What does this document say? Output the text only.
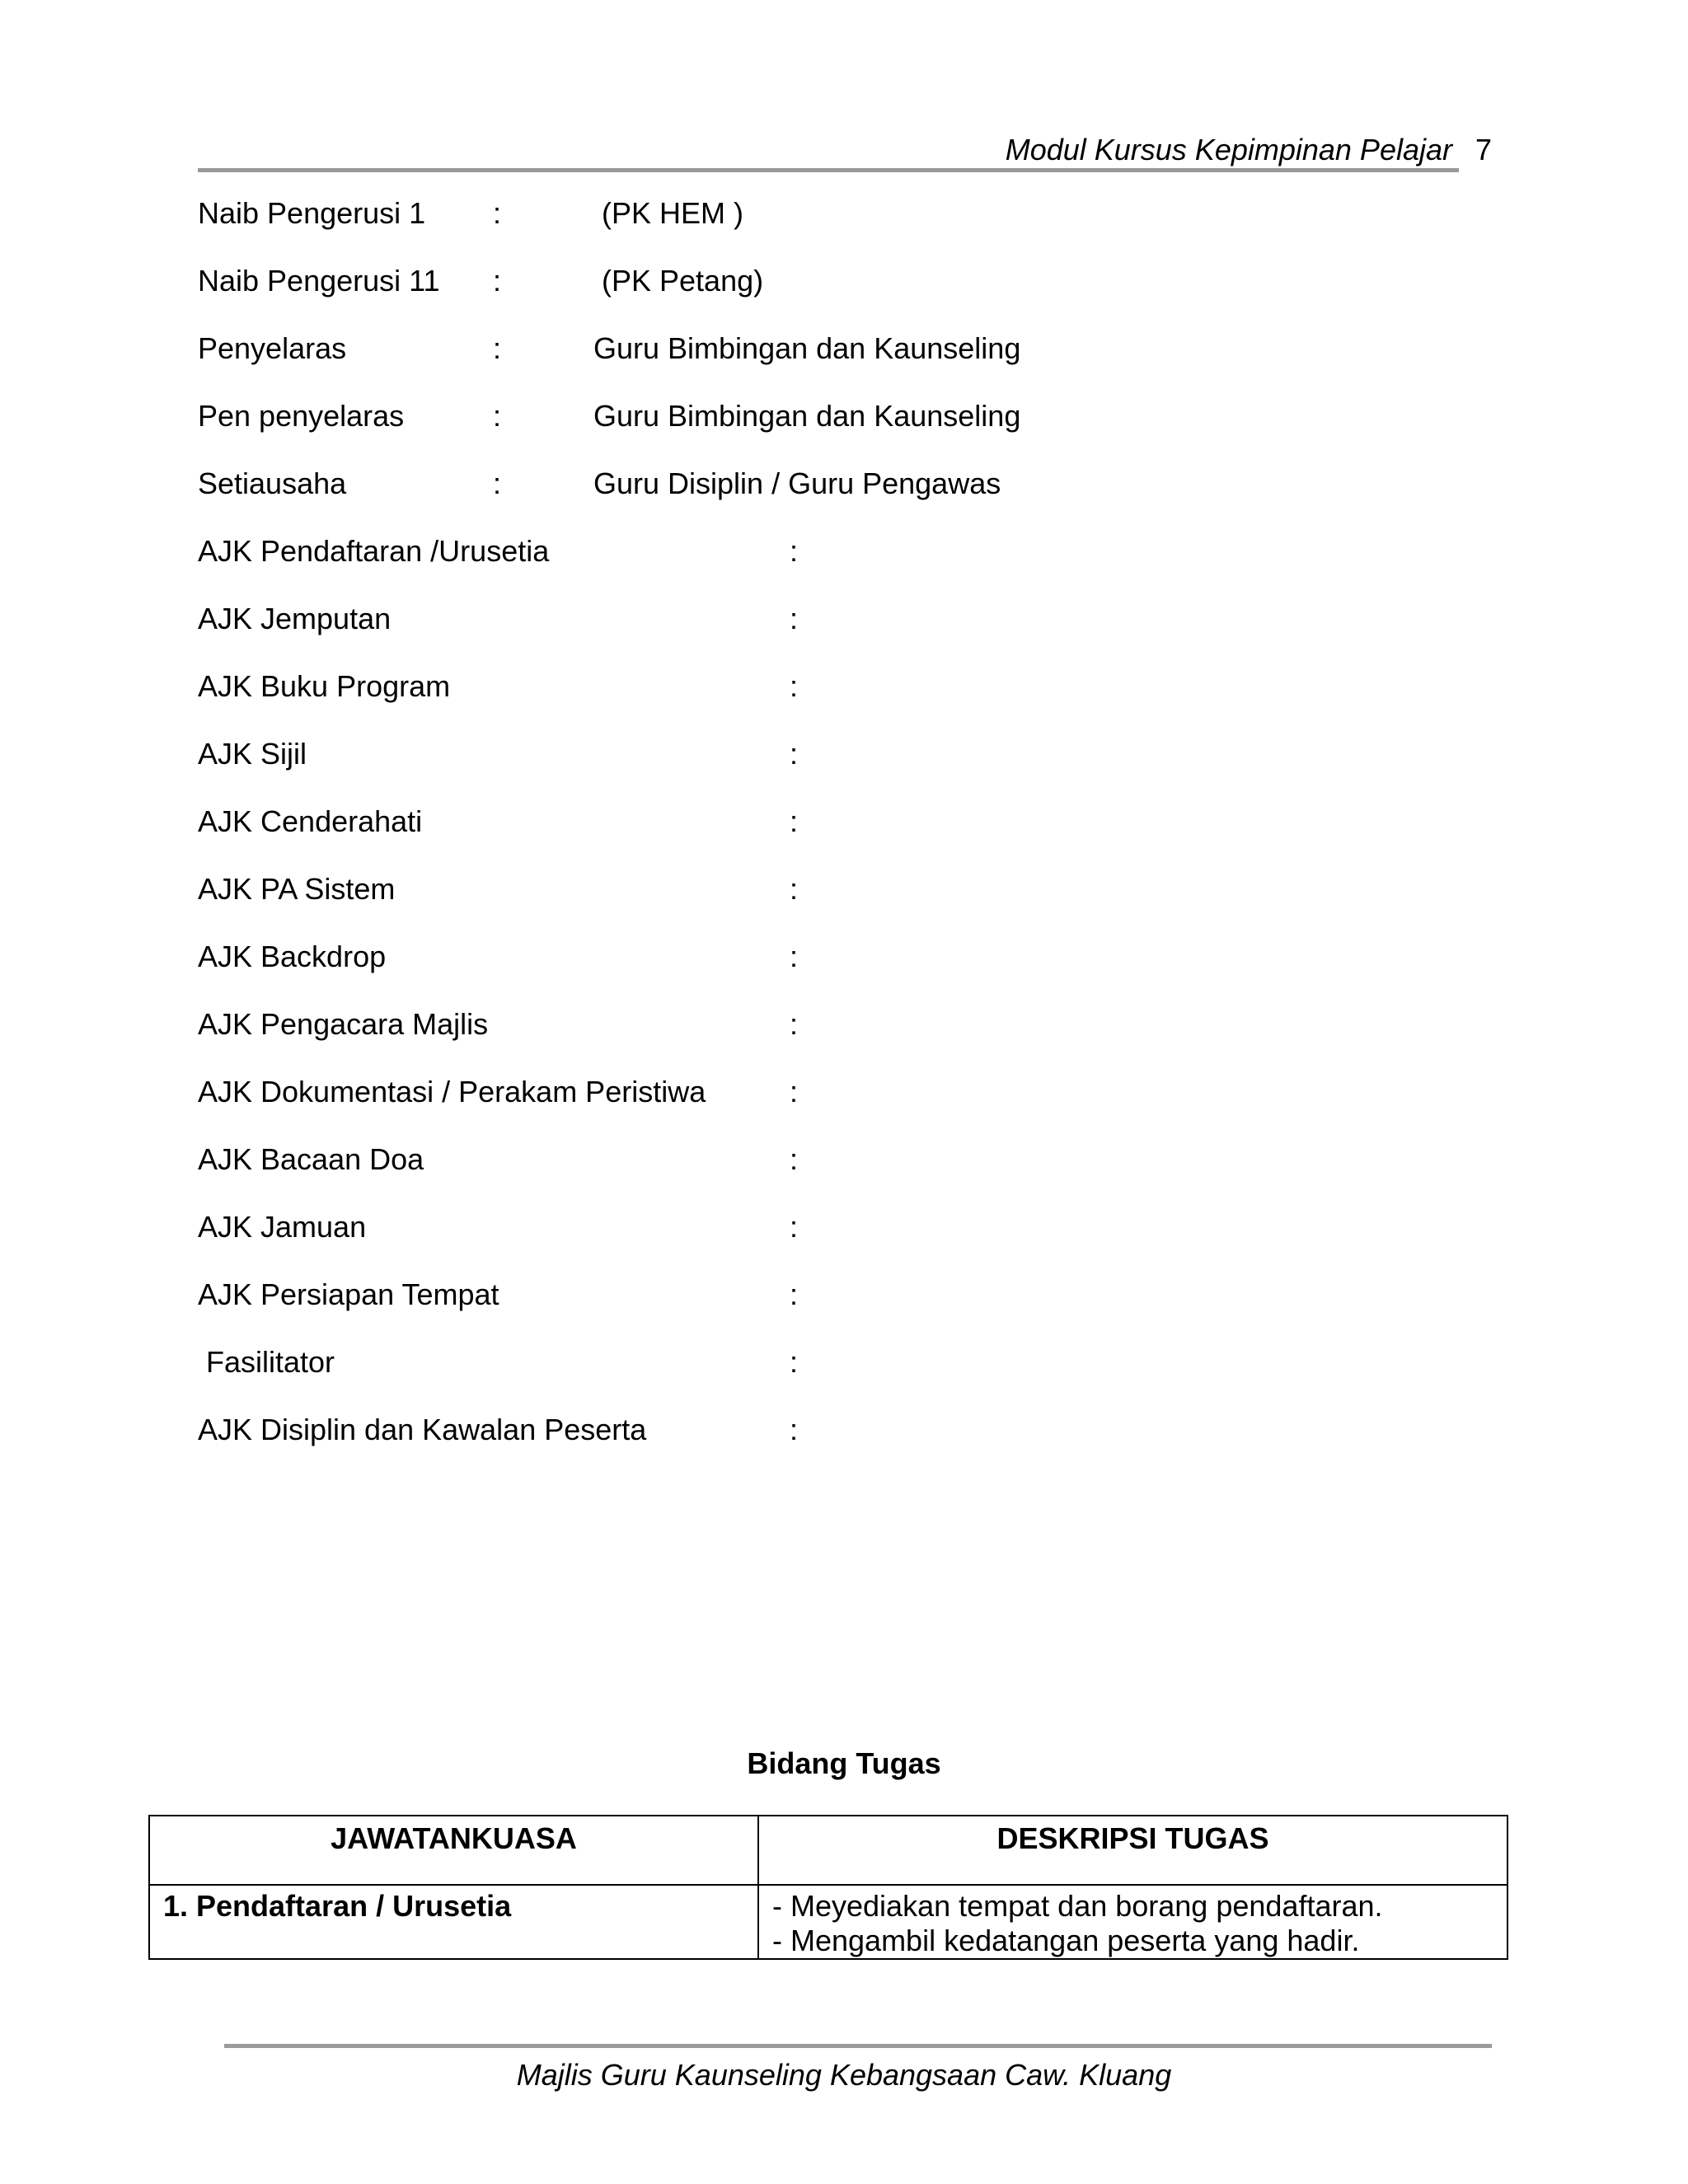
Modul Kursus Kepimpinan Pelajar 7
Naib Pengerusi 1 :	(PK HEM )
Naib Pengerusi 11 :	(PK Petang)
Penyelaras	:	Guru Bimbingan dan Kaunseling
Pen penyelaras	:	Guru Bimbingan dan Kaunseling
Setiausaha	:	Guru Disiplin / Guru Pengawas
AJK Pendaftaran /Urusetia	:
AJK Jemputan	:
AJK Buku Program	:
AJK Sijil	:
AJK Cenderahati	:
AJK PA Sistem	:
AJK Backdrop	:
AJK Pengacara Majlis	:
AJK Dokumentasi / Perakam Peristiwa	:
AJK Bacaan Doa	:
AJK Jamuan	:
AJK Persiapan Tempat	:
Fasilitator	:
AJK Disiplin dan Kawalan Peserta	:
Bidang Tugas
JAWATANKUASA	DESKRIPSI TUGAS
1. Pendaftaran / Urusetia	- Meyediakan tempat dan borang pendaftaran.
- Mengambil kedatangan peserta yang hadir.
Majlis Guru Kaunseling Kebangsaan Caw. Kluang
